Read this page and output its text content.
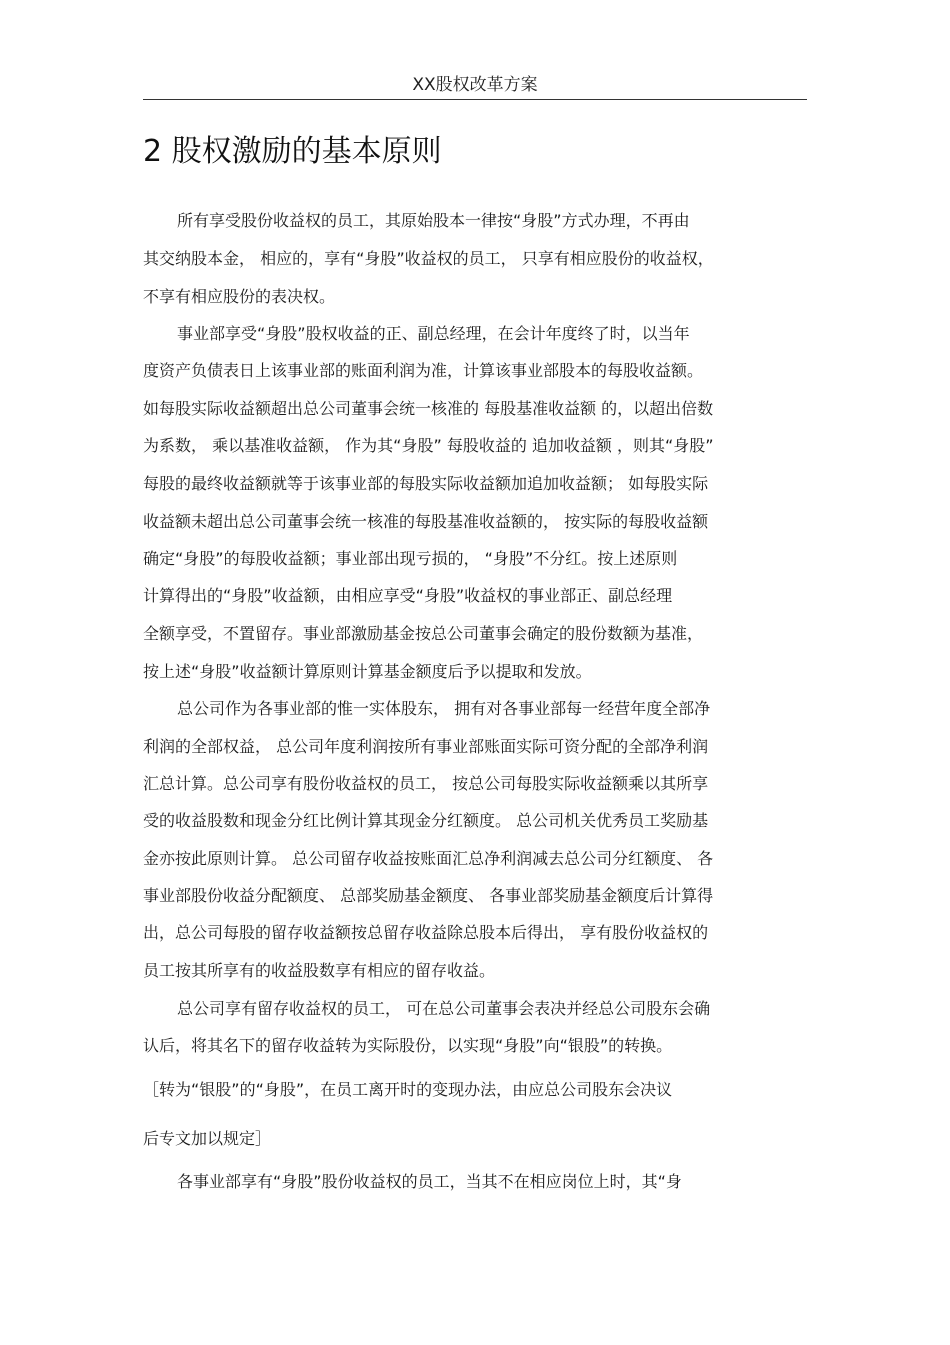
XX股权改革方案
2 股权激励的基本原则

所有享受股份收益权的员工，其原始股本一律按“身股”方式办理，不再由

其交纳股本金， 相应的，享有“身股”收益权的员工， 只享有相应股份的收益权，

不享有相应股份的表决权。

事业部享受“身股”股权收益的正、副总经理，在会计年度终了时，以当年

度资产负债表日上该事业部的账面利润为准，计算该事业部股本的每股收益额。

如每股实际收益额超出总公司董事会统一核准的 每股基准收益额 的，以超出倍数

为系数， 乘以基准收益额， 作为其“身股” 每股收益的 追加收益额 ，则其“身股”

每股的最终收益额就等于该事业部的每股实际收益额加追加收益额； 如每股实际

收益额未超出总公司董事会统一核准的每股基准收益额的， 按实际的每股收益额

确定“身股”的每股收益额；事业部出现亏损的， “身股”不分红。按上述原则

计算得出的“身股”收益额，由相应享受“身股”收益权的事业部正、副总经理

全额享受，不置留存。事业部激励基金按总公司董事会确定的股份数额为基准，

按上述“身股”收益额计算原则计算基金额度后予以提取和发放。

总公司作为各事业部的惟一实体股东， 拥有对各事业部每一经营年度全部净

利润的全部权益， 总公司年度利润按所有事业部账面实际可资分配的全部净利润

汇总计算。总公司享有股份收益权的员工， 按总公司每股实际收益额乘以其所享

受的收益股数和现金分红比例计算其现金分红额度。 总公司机关优秀员工奖励基

金亦按此原则计算。 总公司留存收益按账面汇总净利润减去总公司分红额度、 各

事业部股份收益分配额度、 总部奖励基金额度、 各事业部奖励基金额度后计算得

出，总公司每股的留存收益额按总留存收益除总股本后得出， 享有股份收益权的

员工按其所享有的收益股数享有相应的留存收益。

总公司享有留存收益权的员工， 可在总公司董事会表决并经总公司股东会确

认后，将其名下的留存收益转为实际股份，以实现“身股”向“银股”的转换。

［转为“银股”的“身股”，在员工离开时的变现办法，由应总公司股东会决议

后专文加以规定］

各事业部享有“身股”股份收益权的员工，当其不在相应岗位上时，其“身
